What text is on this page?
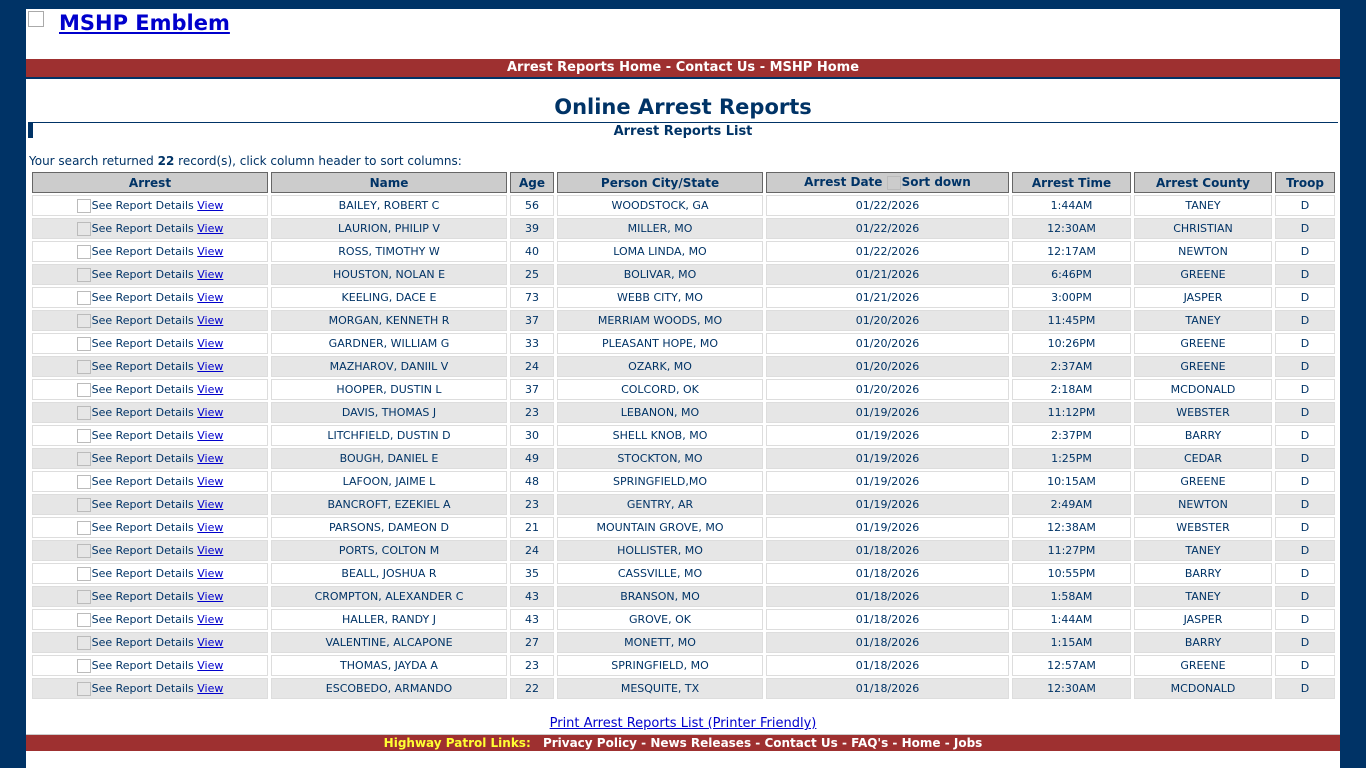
MSHP Emblem
Arrest Reports Home - Contact Us - MSHP Home
Online Arrest Reports
Arrest Reports List
Your search returned 22 record(s), click column header to sort columns:
Arrest	Name	Age	Person City/State	Arrest Date Sort down	Arrest Time	Arrest County	Troop
See Report Details View	BAILEY, ROBERT C	56	WOODSTOCK, GA	01/22/2026	1:44AM	TANEY	D
See Report Details View	LAURION, PHILIP V	39	MILLER, MO	01/22/2026	12:30AM	CHRISTIAN	D
See Report Details View	ROSS, TIMOTHY W	40	LOMA LINDA, MO	01/22/2026	12:17AM	NEWTON	D
See Report Details View	HOUSTON, NOLAN E	25	BOLIVAR, MO	01/21/2026	6:46PM	GREENE	D
See Report Details View	KEELING, DACE E	73	WEBB CITY, MO	01/21/2026	3:00PM	JASPER	D
See Report Details View	MORGAN, KENNETH R	37	MERRIAM WOODS, MO	01/20/2026	11:45PM	TANEY	D
See Report Details View	GARDNER, WILLIAM G	33	PLEASANT HOPE, MO	01/20/2026	10:26PM	GREENE	D
See Report Details View	MAZHAROV, DANIIL V	24	OZARK, MO	01/20/2026	2:37AM	GREENE	D
See Report Details View	HOOPER, DUSTIN L	37	COLCORD, OK	01/20/2026	2:18AM	MCDONALD	D
See Report Details View	DAVIS, THOMAS J	23	LEBANON, MO	01/19/2026	11:12PM	WEBSTER	D
See Report Details View	LITCHFIELD, DUSTIN D	30	SHELL KNOB, MO	01/19/2026	2:37PM	BARRY	D
See Report Details View	BOUGH, DANIEL E	49	STOCKTON, MO	01/19/2026	1:25PM	CEDAR	D
See Report Details View	LAFOON, JAIME L	48	SPRINGFIELD,MO	01/19/2026	10:15AM	GREENE	D
See Report Details View	BANCROFT, EZEKIEL A	23	GENTRY, AR	01/19/2026	2:49AM	NEWTON	D
See Report Details View	PARSONS, DAMEON D	21	MOUNTAIN GROVE, MO	01/19/2026	12:38AM	WEBSTER	D
See Report Details View	PORTS, COLTON M	24	HOLLISTER, MO	01/18/2026	11:27PM	TANEY	D
See Report Details View	BEALL, JOSHUA R	35	CASSVILLE, MO	01/18/2026	10:55PM	BARRY	D
See Report Details View	CROMPTON, ALEXANDER C	43	BRANSON, MO	01/18/2026	1:58AM	TANEY	D
See Report Details View	HALLER, RANDY J	43	GROVE, OK	01/18/2026	1:44AM	JASPER	D
See Report Details View	VALENTINE, ALCAPONE	27	MONETT, MO	01/18/2026	1:15AM	BARRY	D
See Report Details View	THOMAS, JAYDA A	23	SPRINGFIELD, MO	01/18/2026	12:57AM	GREENE	D
See Report Details View	ESCOBEDO, ARMANDO	22	MESQUITE, TX	01/18/2026	12:30AM	MCDONALD	D
Print Arrest Reports List (Printer Friendly)
Highway Patrol Links: Privacy Policy - News Releases - Contact Us - FAQ's - Home - Jobs
